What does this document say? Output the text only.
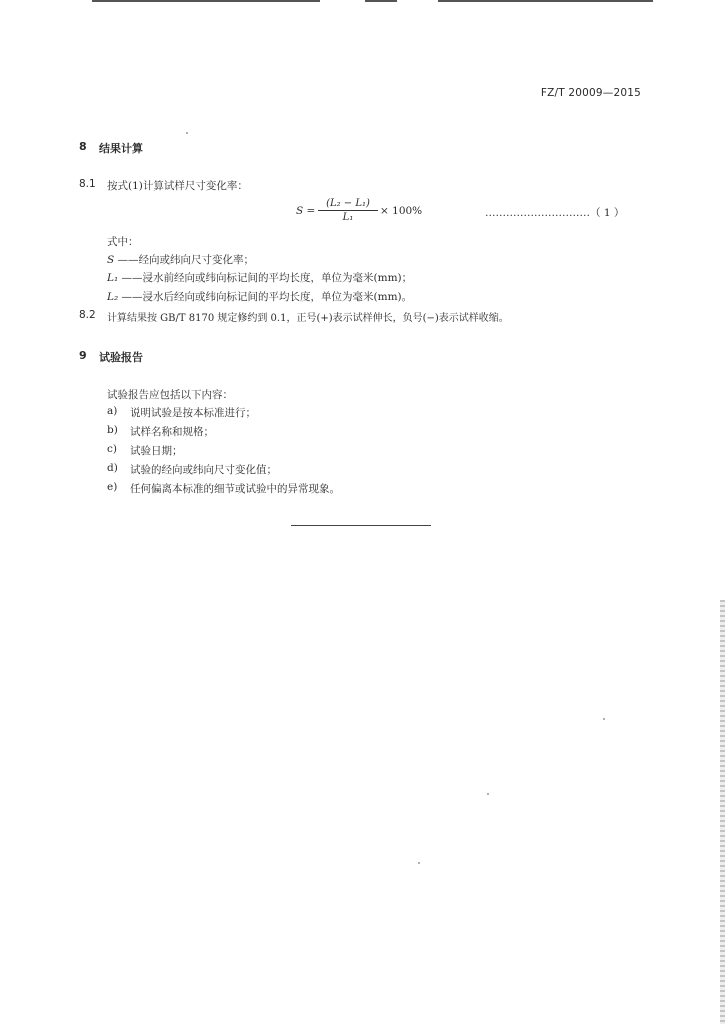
FZ/T 20009—2015
8 结果计算
8.1 按式(1)计算试样尺寸变化率：
S =
(L₂ − L₁)
L₁
× 100%	…………………………（ 1 ）
式中：
S ——经向或纬向尺寸变化率；
L₁ ——浸水前经向或纬向标记间的平均长度，单位为毫米(mm)；
L₂ ——浸水后经向或纬向标记间的平均长度，单位为毫米(mm)。
8.2 计算结果按 GB/T 8170 规定修约到 0.1，正号(+)表示试样伸长，负号(−)表示试样收缩。
9 试验报告
试验报告应包括以下内容：
a) 说明试验是按本标准进行；
b) 试样名称和规格；
c) 试验日期；
d) 试验的经向或纬向尺寸变化值；
e) 任何偏离本标准的细节或试验中的异常现象。
